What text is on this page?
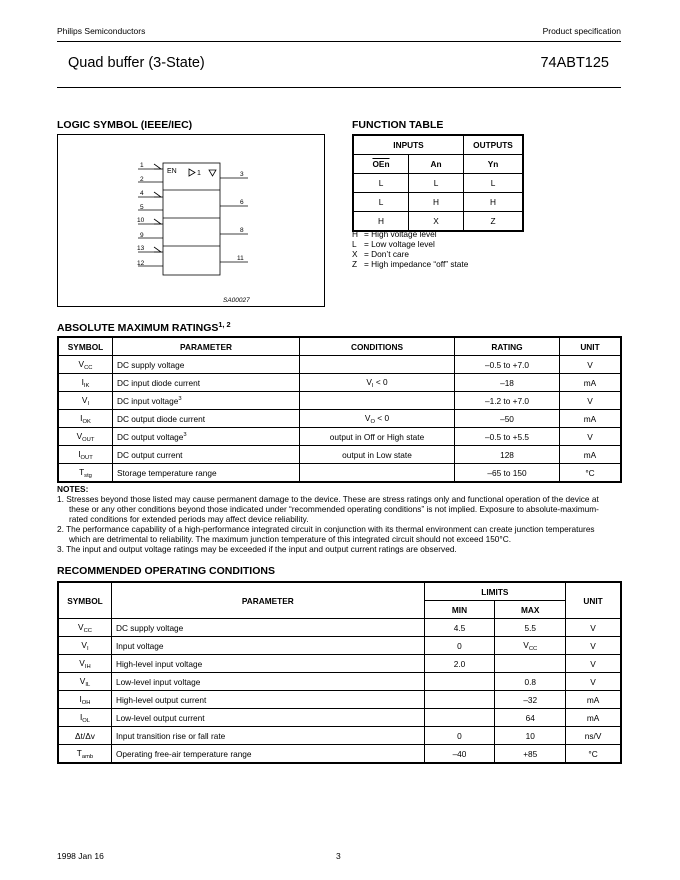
Philips Semiconductors	Product specification
Quad buffer (3-State)	74ABT125
LOGIC SYMBOL (IEEE/IEC)
EN	1
1
2
4
5
10
9
13
12
3
6
8
11
SA00027
FUNCTION TABLE
INPUTS		OUTPUTS
$\overline{OEn}$	An	Yn
L	L	L
L	H	H
H	X	Z
H = High voltage level
L = Low voltage level
X = Don’t care
Z = High impedance “off” state
ABSOLUTE MAXIMUM RATINGS$^{1, 2}$
SYMBOL	PARAMETER	CONDITIONS	RATING	UNIT
$V_{CC}$	DC supply voltage		–0.5 to +7.0	V
$I_{IK}$	DC input diode current	$V_I < 0$	–18	mA
$V_I$	DC input voltage$^3$		–1.2 to +7.0	V
$I_{OK}$	DC output diode current	$V_O < 0$	–50	mA
$V_{OUT}$	DC output voltage$^3$	output in Off or High state	–0.5 to +5.5	V
$I_{OUT}$	DC output current	output in Low state	128	mA
$T_{stg}$	Storage temperature range		–65 to 150	°C
NOTES:
1. Stresses beyond those listed may cause permanent damage to the device. These are stress ratings only and functional operation of the device at these or any other conditions beyond those indicated under “recommended operating conditions” is not implied. Exposure to absolute-maximum-rated conditions for extended periods may affect device reliability.
2. The performance capability of a high-performance integrated circuit in conjunction with its thermal environment can create junction temperatures which are detrimental to reliability. The maximum junction temperature of this integrated circuit should not exceed 150°C.
3. The input and output voltage ratings may be exceeded if the input and output current ratings are observed.
RECOMMENDED OPERATING CONDITIONS
SYMBOL	PARAMETER	LIMITS		UNIT
		MIN	MAX	
$V_{CC}$	DC supply voltage	4.5	5.5	V
$V_I$	Input voltage	0	$V_{CC}$	V
$V_{IH}$	High-level input voltage	2.0		V
$V_{IL}$	Low-level input voltage		0.8	V
$I_{OH}$	High-level output current		–32	mA
$I_{OL}$	Low-level output current		64	mA
Δt/Δv	Input transition rise or fall rate	0	10	ns/V
$T_{amb}$	Operating free-air temperature range	–40	+85	°C
1998 Jan 16	3
